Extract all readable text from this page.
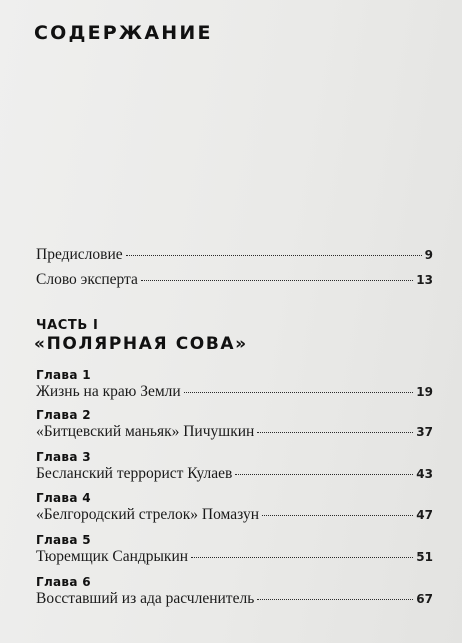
СОДЕРЖАНИЕ
Предисловие	9
Слово эксперта	13
ЧАСТЬ I
«ПОЛЯРНАЯ СОВА»
Глава 1
Жизнь на краю Земли	19
Глава 2
«Битцевский маньяк» Пичушкин	37
Глава 3
Бесланский террорист Кулаев	43
Глава 4
«Белгородский стрелок» Помазун	47
Глава 5
Тюремщик Сандрыкин	51
Глава 6
Восставший из ада расчленитель	67
